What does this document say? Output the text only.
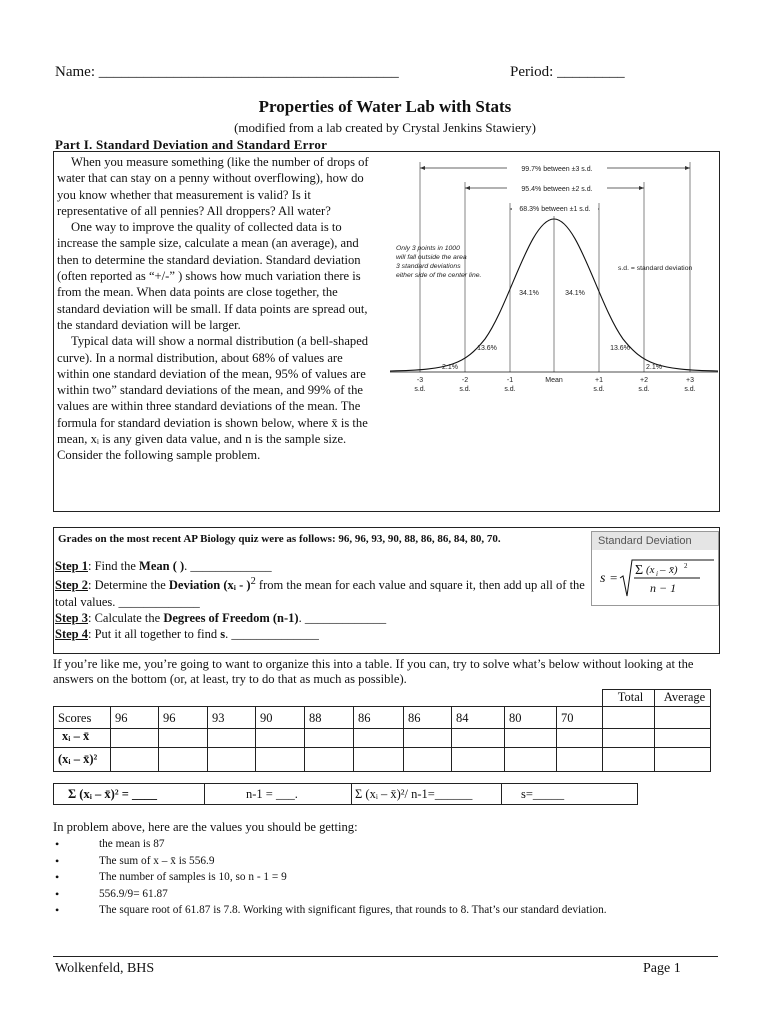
Name: ________________________________________	Period: _________
Properties of Water Lab with Stats
(modified from a lab created by Crystal Jenkins Stawiery)
Part I. Standard Deviation and Standard Error

When you measure something (like the number of drops of water that can stay on a penny without overflowing), how do you know whether that measurement is valid? Is it representative of all pennies? All droppers? All water?

One way to improve the quality of collected data is to increase the sample size, calculate a mean (an average), and then to determine the standard deviation. Standard deviation (often reported as “+/-” ) shows how much variation there is from the mean. When data points are close together, the standard deviation will be small. If data points are spread out, the standard deviation will be larger.

Typical data will show a normal distribution (a bell-shaped curve). In a normal distribution, about 68% of values are within one standard deviation of the mean, 95% of values are within two” standard deviations of the mean, and 99% of the values are within three standard deviations of the mean. The formula for standard deviation is shown below, where x̄ is the mean, xᵢ is any given data value, and n is the sample size. Consider the following sample problem.

99.7% between ±3 s.d.
95.4% between ±2 s.d.
68.3% between ±1 s.d.
Only 3 points in 1000 will fall outside the area 3 standard deviations either side of the center line.
s.d. = standard deviation
34.1%	34.1%
13.6%	13.6%
2.1%	2.1%
-3
s.d.
-2
s.d.
-1
s.d.
Mean	+1
s.d.
+2
s.d.
+3
s.d.
Grades on the most recent AP Biology quiz were as follows: 96, 96, 93, 90, 88, 86, 86, 84, 80, 70.

Step 1: Find the Mean ( ). _____________

Step 2: Determine the Deviation (xᵢ - )$^2$ from the mean for each value and square it, then add up all of the total values. _____________

Step 3: Calculate the Degrees of Freedom (n-1). _____________

Step 4: Put it all together to find s. ______________

Standard Deviation
s = Σ (x i – x̄) 2
n − 1
If you’re like me, you’re going to want to organize this into a table. If you can, try to solve what’s below without looking at the answers on the bottom (or, at least, try to do that as much as possible).
											Total	Average
Scores	96	96	93	90	88	86	86	84	80	70		
xᵢ – x̄												
(xᵢ – x̄)²												
Σ (xᵢ – x̄)² = ____	n-1 = ___.	Σ (xᵢ – x̄)²/ n-1=______	s=_____
In problem above, here are the values you should be getting:
• the mean is 87
• The sum of x – x̄ is 556.9
• The number of samples is 10, so n - 1 = 9
• 556.9/9= 61.87
• The square root of 61.87 is 7.8. Working with significant figures, that rounds to 8. That’s our standard deviation.
Wolkenfeld, BHS	Page 1
